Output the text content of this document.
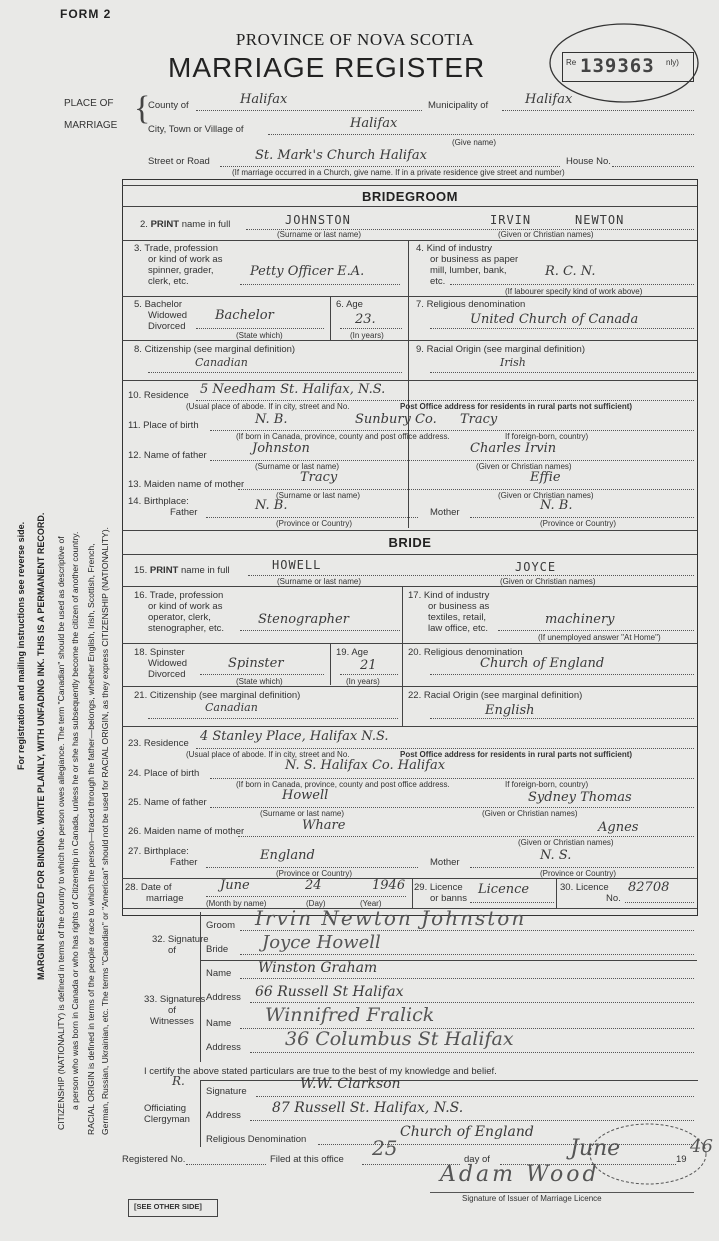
For registration and mailing instructions see reverse side. MARGIN RESERVED FOR BINDING. WRITE PLAINLY, WITH UNFADING INK. THIS IS A PERMANENT RECORD. CITIZENSHIP (NATIONALITY) is defined in terms of the country to which the person owes allegiance. The term "Canadian" should be used as descriptive of a person who was born in Canada or who has rights of Citizenship in Canada, unless he or she has subsequently become the citizen of another country. RACIAL ORIGIN is defined in terms of the people or race to which the person—traced through the father—belongs, whether English, Irish, Scottish, French, German, Russian, Ukrainian, etc. The terms "Canadian" or "American" should not be used for RACIAL ORIGIN, as they express CITIZENSHIP (NATIONALITY).
FORM 2
PROVINCE OF NOVA SCOTIA
MARRIAGE REGISTER	Re	nly)
139363
PLACE OF
MARRIAGE {
County of	Halifax	Municipality of	Halifax
City, Town or Village of	Halifax
(Give name)
Street or Road	St. Mark's Church Halifax	House No.
(If marriage occurred in a Church, give name. If in a private residence give street and number)
BRIDEGROOM
2. PRINT name in full	JOHNSTON	IRVIN	NEWTON
(Surname or last name)	(Given or Christian names)
3. Trade, profession
or kind of work as
spinner, grader,
clerk, etc.
Petty Officer E.A.
4. Kind of industry
or business as paper
mill, lumber, bank,
etc.
R. C. N.
(If labourer specify kind of work above)
5. Bachelor
Widowed
Divorced
Bachelor
(State which)
6. Age
23.
(In years)
7. Religious denomination
United Church of Canada
8. Citizenship (see marginal definition)
Canadian
9. Racial Origin (see marginal definition)
Irish
10. Residence 5 Needham St. Halifax, N.S.
(Usual place of abode. If in city, street and No.	Post Office address for residents in rural parts not sufficient)
11. Place of birth	N. B.	Sunbury Co. Tracy
(If born in Canada, province, county and post office address.	If foreign-born, country)
12. Name of father	Johnston	Charles Irvin
(Surname or last name)	(Given or Christian names)
13. Maiden name of mother	Tracy	Effie
(Surname or last name)	(Given or Christian names)
14. Birthplace:
Father	N. B.	Mother	N. B.
(Province or Country)	(Province or Country)
BRIDE
15. PRINT name in full	HOWELL	JOYCE
(Surname or last name)	(Given or Christian names)
16. Trade, profession
or kind of work as
operator, clerk,
stenographer, etc.
Stenographer
17. Kind of industry
or business as
textiles, retail,
law office, etc.
machinery
(If unemployed answer "At Home")
18. Spinster
Widowed
Divorced
Spinster
(State which)
19. Age
21
(In years)
20. Religious denomination
Church of England
21. Citizenship (see marginal definition)
Canadian
22. Racial Origin (see marginal definition)
English
23. Residence 4 Stanley Place, Halifax N.S.
(Usual place of abode. If in city, street and No.	Post Office address for residents in rural parts not sufficient)
24. Place of birth
N. S. Halifax Co. Halifax
(If born in Canada, province, county and post office address.	If foreign-born, country)
25. Name of father	Howell	Sydney Thomas
(Surname or last name)	(Given or Christian names)
26. Maiden name of mother	Whare	Agnes
(Given or Christian names)
27. Birthplace:
Father	England	Mother	N. S.
(Province or Country)	(Province or Country)
28. Date of
marriage
June	24	1946
(Month by name)	(Day)	(Year)
29. Licence
or banns
Licence	30. Licence
No.
82708
32. Signature
of
Groom Irvin Newton Johnston
Bride Joyce Howell
33. Signatures
of
Witnesses
Name Winston Graham
Address 66 Russell St Halifax
Name Winnifred Fralick
Address 36 Columbus St Halifax
I certify the above stated particulars are true to the best of my knowledge and belief.
R.
Officiating
Clergyman
Signature	W.W. Clarkson
Address 87 Russell St. Halifax, N.S.
Religious Denomination	Church of England
Registered No.	Filed at this office 25	day of	June	19
46
Adam Wood
Signature of Issuer of Marriage Licence
[SEE OTHER SIDE]
